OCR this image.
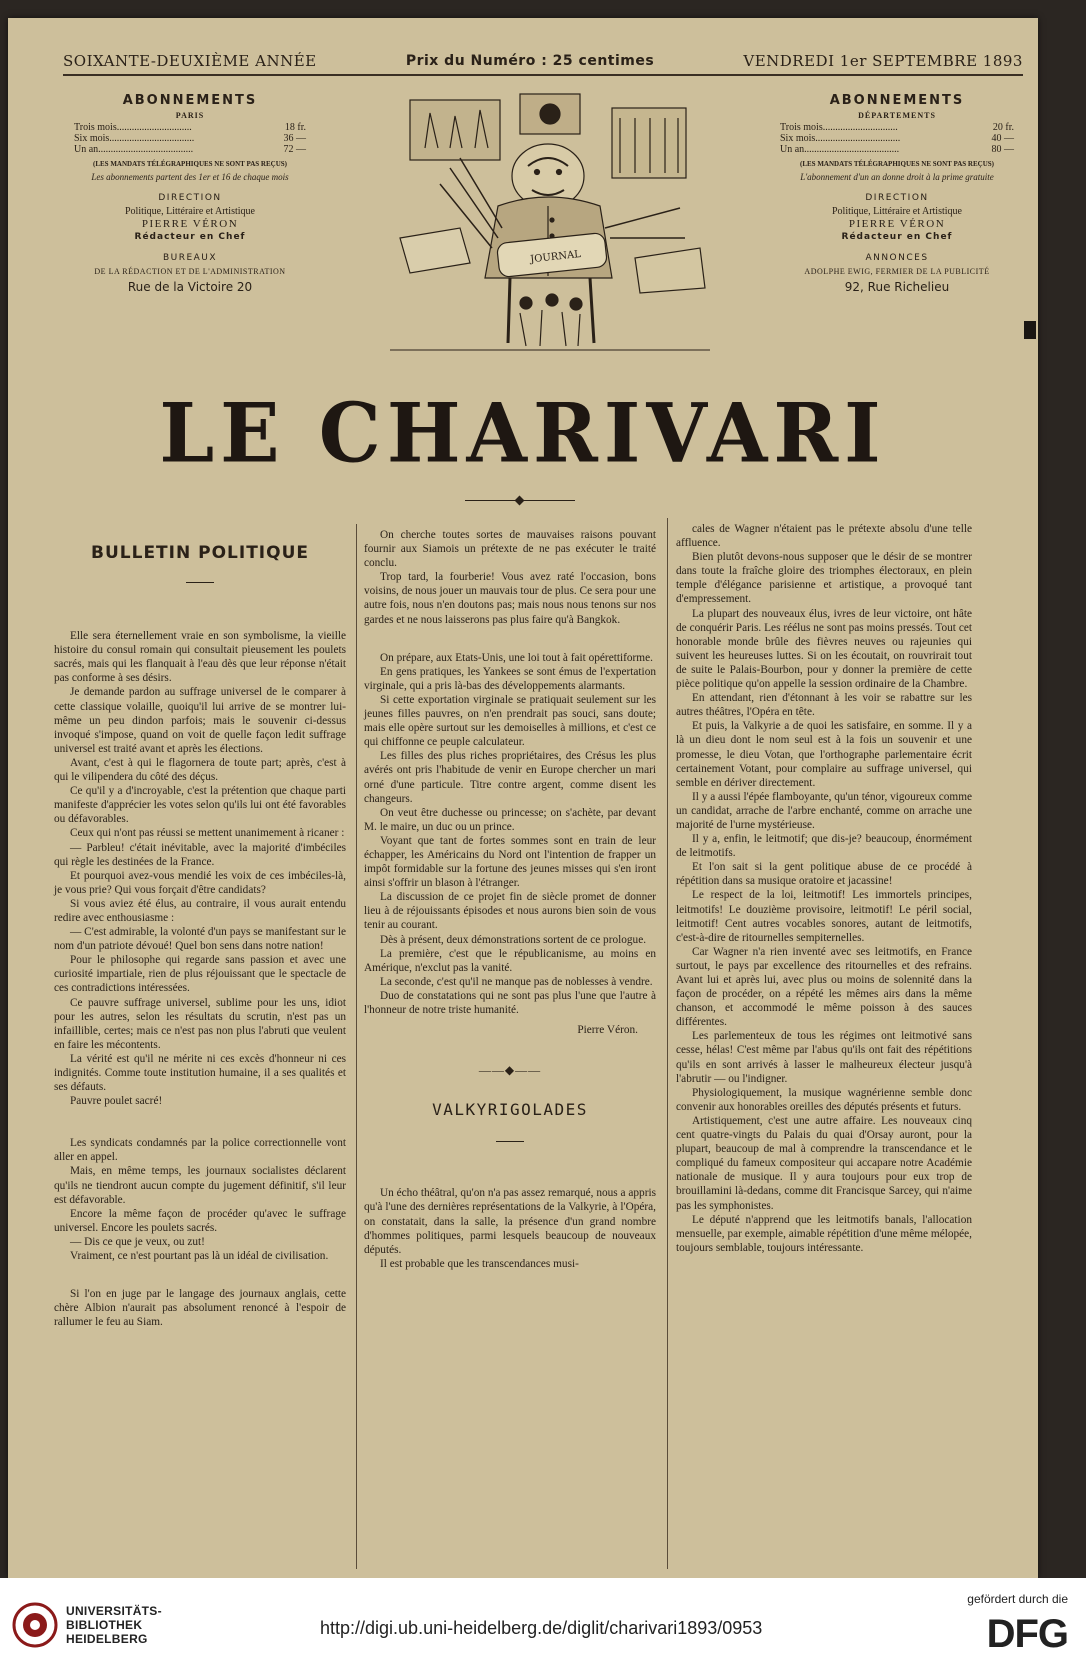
SOIXANTE-DEUXIÈME ANNÉE	Prix du Numéro : 25 centimes	VENDREDI 1er SEPTEMBRE 1893
ABONNEMENTS
PARIS
Trois mois..............................	18 fr.
Six mois..................................	36 —
Un an......................................	72 —
(LES MANDATS TÉLÉGRAPHIQUES NE SONT PAS REÇUS)
Les abonnements partent des 1er et 16 de chaque mois
DIRECTION
Politique, Littéraire et Artistique
PIERRE VÉRON
Rédacteur en Chef
BUREAUX
DE LA RÉDACTION ET DE L'ADMINISTRATION
Rue de la Victoire 20
ABONNEMENTS
DÉPARTEMENTS
Trois mois..............................	20 fr.
Six mois..................................	40 —
Un an......................................	80 —
(LES MANDATS TÉLÉGRAPHIQUES NE SONT PAS REÇUS)
L'abonnement d'un an donne droit à la prime gratuite
DIRECTION
Politique, Littéraire et Artistique
PIERRE VÉRON
Rédacteur en Chef
ANNONCES
ADOLPHE EWIG, FERMIER DE LA PUBLICITÉ
92, Rue Richelieu
JOURNAL
LE CHARIVARI
BULLETIN POLITIQUE

Elle sera éternellement vraie en son symbolisme, la vieille histoire du consul romain qui consultait pieusement les poulets sacrés, mais qui les flanquait à l'eau dès que leur réponse n'était pas conforme à ses désirs.

Je demande pardon au suffrage universel de le comparer à cette classique volaille, quoiqu'il lui arrive de se montrer lui-même un peu dindon parfois; mais le souvenir ci-dessus invoqué s'impose, quand on voit de quelle façon ledit suffrage universel est traité avant et après les élections.

Avant, c'est à qui le flagornera de toute part; après, c'est à qui le vilipendera du côté des déçus.

Ce qu'il y a d'incroyable, c'est la prétention que chaque parti manifeste d'apprécier les votes selon qu'ils lui ont été favorables ou défavorables.

Ceux qui n'ont pas réussi se mettent unanimement à ricaner :

— Parbleu! c'était inévitable, avec la majorité d'imbéciles qui règle les destinées de la France.

Et pourquoi avez-vous mendié les voix de ces imbéciles-là, je vous prie? Qui vous forçait d'être candidats?

Si vous aviez été élus, au contraire, il vous aurait entendu redire avec enthousiasme :

— C'est admirable, la volonté d'un pays se manifestant sur le nom d'un patriote dévoué! Quel bon sens dans notre nation!

Pour le philosophe qui regarde sans passion et avec une curiosité impartiale, rien de plus réjouissant que le spectacle de ces contradictions intéressées.

Ce pauvre suffrage universel, sublime pour les uns, idiot pour les autres, selon les résultats du scrutin, n'est pas un infaillible, certes; mais ce n'est pas non plus l'abruti que veulent en faire les mécontents.

La vérité est qu'il ne mérite ni ces excès d'honneur ni ces indignités. Comme toute institution humaine, il a ses qualités et ses défauts.

Pauvre poulet sacré!

Les syndicats condamnés par la police correctionnelle vont aller en appel.

Mais, en même temps, les journaux socialistes déclarent qu'ils ne tiendront aucun compte du jugement définitif, s'il leur est défavorable.

Encore la même façon de procéder qu'avec le suffrage universel. Encore les poulets sacrés.

— Dis ce que je veux, ou zut!

Vraiment, ce n'est pourtant pas là un idéal de civilisation.

Si l'on en juge par le langage des journaux anglais, cette chère Albion n'aurait pas absolument renoncé à l'espoir de rallumer le feu au Siam.

On cherche toutes sortes de mauvaises raisons pouvant fournir aux Siamois un prétexte de ne pas exécuter le traité conclu.

Trop tard, la fourberie! Vous avez raté l'occasion, bons voisins, de nous jouer un mauvais tour de plus. Ce sera pour une autre fois, nous n'en doutons pas; mais nous nous tenons sur nos gardes et ne nous laisserons pas plus faire qu'à Bangkok.

On prépare, aux Etats-Unis, une loi tout à fait opérettiforme.

En gens pratiques, les Yankees se sont émus de l'expertation virginale, qui a pris là-bas des développements alarmants.

Si cette exportation virginale se pratiquait seulement sur les jeunes filles pauvres, on n'en prendrait pas souci, sans doute; mais elle opère surtout sur les demoiselles à millions, et c'est ce qui chiffonne ce peuple calculateur.

Les filles des plus riches propriétaires, des Crésus les plus avérés ont pris l'habitude de venir en Europe chercher un mari orné d'une particule. Titre contre argent, comme disent les changeurs.

On veut être duchesse ou princesse; on s'achète, par devant M. le maire, un duc ou un prince.

Voyant que tant de fortes sommes sont en train de leur échapper, les Américains du Nord ont l'intention de frapper un impôt formidable sur la fortune des jeunes misses qui s'en iront ainsi s'offrir un blason à l'étranger.

La discussion de ce projet fin de siècle promet de donner lieu à de réjouissants épisodes et nous aurons bien soin de vous tenir au courant.

Dès à présent, deux démonstrations sortent de ce prologue.

La première, c'est que le républicanisme, au moins en Amérique, n'exclut pas la vanité.

La seconde, c'est qu'il ne manque pas de noblesses à vendre.

Duo de constatations qui ne sont pas plus l'une que l'autre à l'honneur de notre triste humanité.

Pierre Véron.
——◆——
VALKYRIGOLADES

Un écho théâtral, qu'on n'a pas assez remarqué, nous a appris qu'à l'une des dernières représentations de la Valkyrie, à l'Opéra, on constatait, dans la salle, la présence d'un grand nombre d'hommes politiques, parmi lesquels beaucoup de nouveaux députés.

Il est probable que les transcendances musi-

cales de Wagner n'étaient pas le prétexte absolu d'une telle affluence.

Bien plutôt devons-nous supposer que le désir de se montrer dans toute la fraîche gloire des triomphes électoraux, en plein temple d'élégance parisienne et artistique, a provoqué tant d'empressement.

La plupart des nouveaux élus, ivres de leur victoire, ont hâte de conquérir Paris. Les réélus ne sont pas moins pressés. Tout cet honorable monde brûle des fièvres neuves ou rajeunies qui suivent les heureuses luttes. Si on les écoutait, on rouvrirait tout de suite le Palais-Bourbon, pour y donner la première de cette pièce politique qu'on appelle la session ordinaire de la Chambre.

En attendant, rien d'étonnant à les voir se rabattre sur les autres théâtres, l'Opéra en tête.

Et puis, la Valkyrie a de quoi les satisfaire, en somme. Il y a là un dieu dont le nom seul est à la fois un souvenir et une promesse, le dieu Votan, que l'orthographe parlementaire écrit certainement Votant, pour complaire au suffrage universel, qui semble en dériver directement.

Il y a aussi l'épée flamboyante, qu'un ténor, vigoureux comme un candidat, arrache de l'arbre enchanté, comme on arrache une majorité de l'urne mystérieuse.

Il y a, enfin, le leitmotif; que dis-je? beaucoup, énormément de leitmotifs.

Et l'on sait si la gent politique abuse de ce procédé à répétition dans sa musique oratoire et jacassine!

Le respect de la loi, leitmotif! Les immortels principes, leitmotifs! Le douzième provisoire, leitmotif! Le péril social, leitmotif! Cent autres vocables sonores, autant de leitmotifs, c'est-à-dire de ritournelles sempiternelles.

Car Wagner n'a rien inventé avec ses leitmotifs, en France surtout, le pays par excellence des ritournelles et des refrains. Avant lui et après lui, avec plus ou moins de solennité dans la façon de procéder, on a répété les mêmes airs dans la même chanson, et accommodé le même poisson à des sauces différentes.

Les parlementeux de tous les régimes ont leitmotivé sans cesse, hélas! C'est même par l'abus qu'ils ont fait des répétitions qu'ils en sont arrivés à lasser le malheureux électeur jusqu'à l'abrutir — ou l'indigner.

Physiologiquement, la musique wagnérienne semble donc convenir aux honorables oreilles des députés présents et futurs.

Artistiquement, c'est une autre affaire. Les nouveaux cinq cent quatre-vingts du Palais du quai d'Orsay auront, pour la plupart, beaucoup de mal à comprendre la transcendance et le compliqué du fameux compositeur qui accapare notre Académie nationale de musique. Il y aura toujours pour eux trop de brouillamini là-dedans, comme dit Francisque Sarcey, qui n'aime pas les symphonistes.

Le député n'apprend que les leitmotifs banals, l'allocation mensuelle, par exemple, aimable répétition d'une même mélopée, toujours semblable, toujours intéressante.

UNIVERSITÄTS-
BIBLIOTHEK
HEIDELBERG
http://digi.ub.uni-heidelberg.de/diglit/charivari1893/0953
gefördert durch die
DFG
